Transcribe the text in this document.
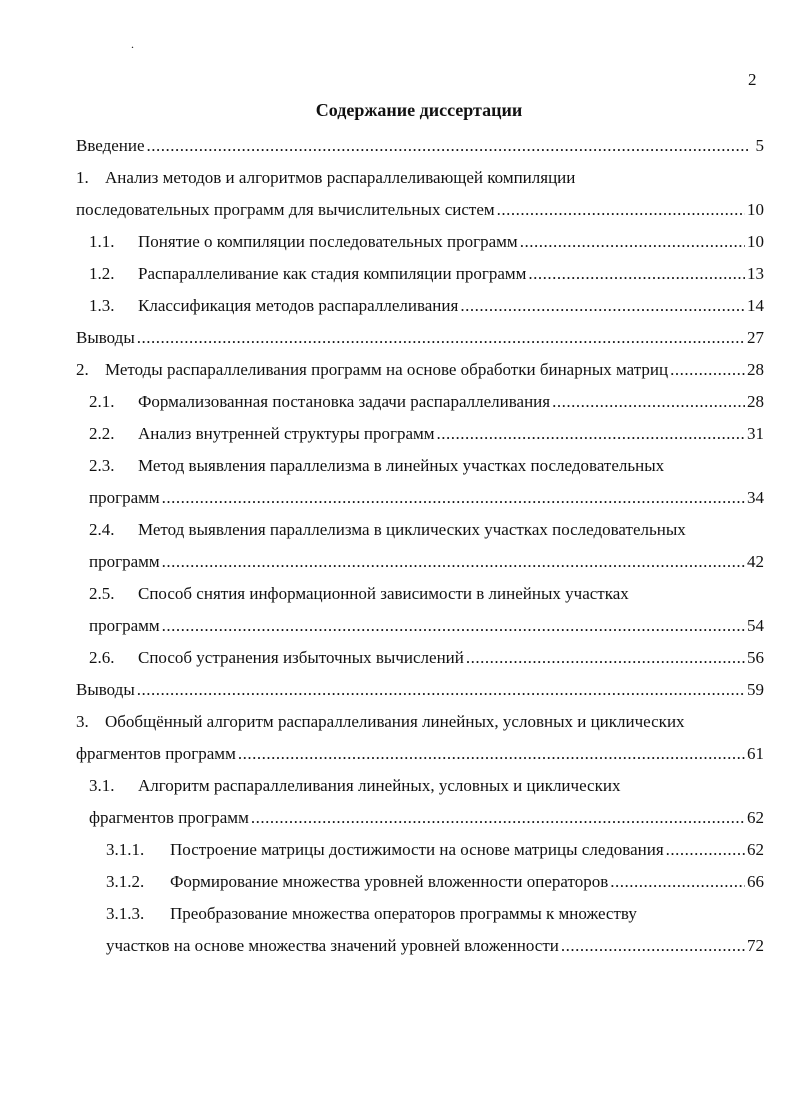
.
2
Содержание диссертации
Введение .....	5
1. Анализ методов и алгоритмов распараллеливающей компиляции
последовательных программ для вычислительных систем .....	10
1.1.	Понятие о компиляции последовательных программ .....	10
1.2.	Распараллеливание как стадия компиляции программ .....	13
1.3.	Классификация методов распараллеливания .....	14
Выводы .....	27
2. Методы распараллеливания программ на основе обработки бинарных матриц .....	28
2.1.	Формализованная постановка задачи распараллеливания .....	28
2.2.	Анализ внутренней структуры программ .....	31
2.3.	Метод выявления параллелизма в линейных участках последовательных
программ .....	34
2.4.	Метод выявления параллелизма в циклических участках последовательных
программ .....	42
2.5.	Способ снятия информационной зависимости в линейных участках
программ .....	54
2.6.	Способ устранения избыточных вычислений .....	56
Выводы .....	59
3. Обобщённый алгоритм распараллеливания линейных, условных и циклических
фрагментов программ .....	61
3.1.	Алгоритм распараллеливания линейных, условных и циклических
фрагментов программ .....	62
3.1.1.	Построение матрицы достижимости на основе матрицы следования .....	62
3.1.2.	Формирование множества уровней вложенности операторов .....	66
3.1.3.	Преобразование множества операторов программы к множеству
участков на основе множества значений уровней вложенности .....	72
